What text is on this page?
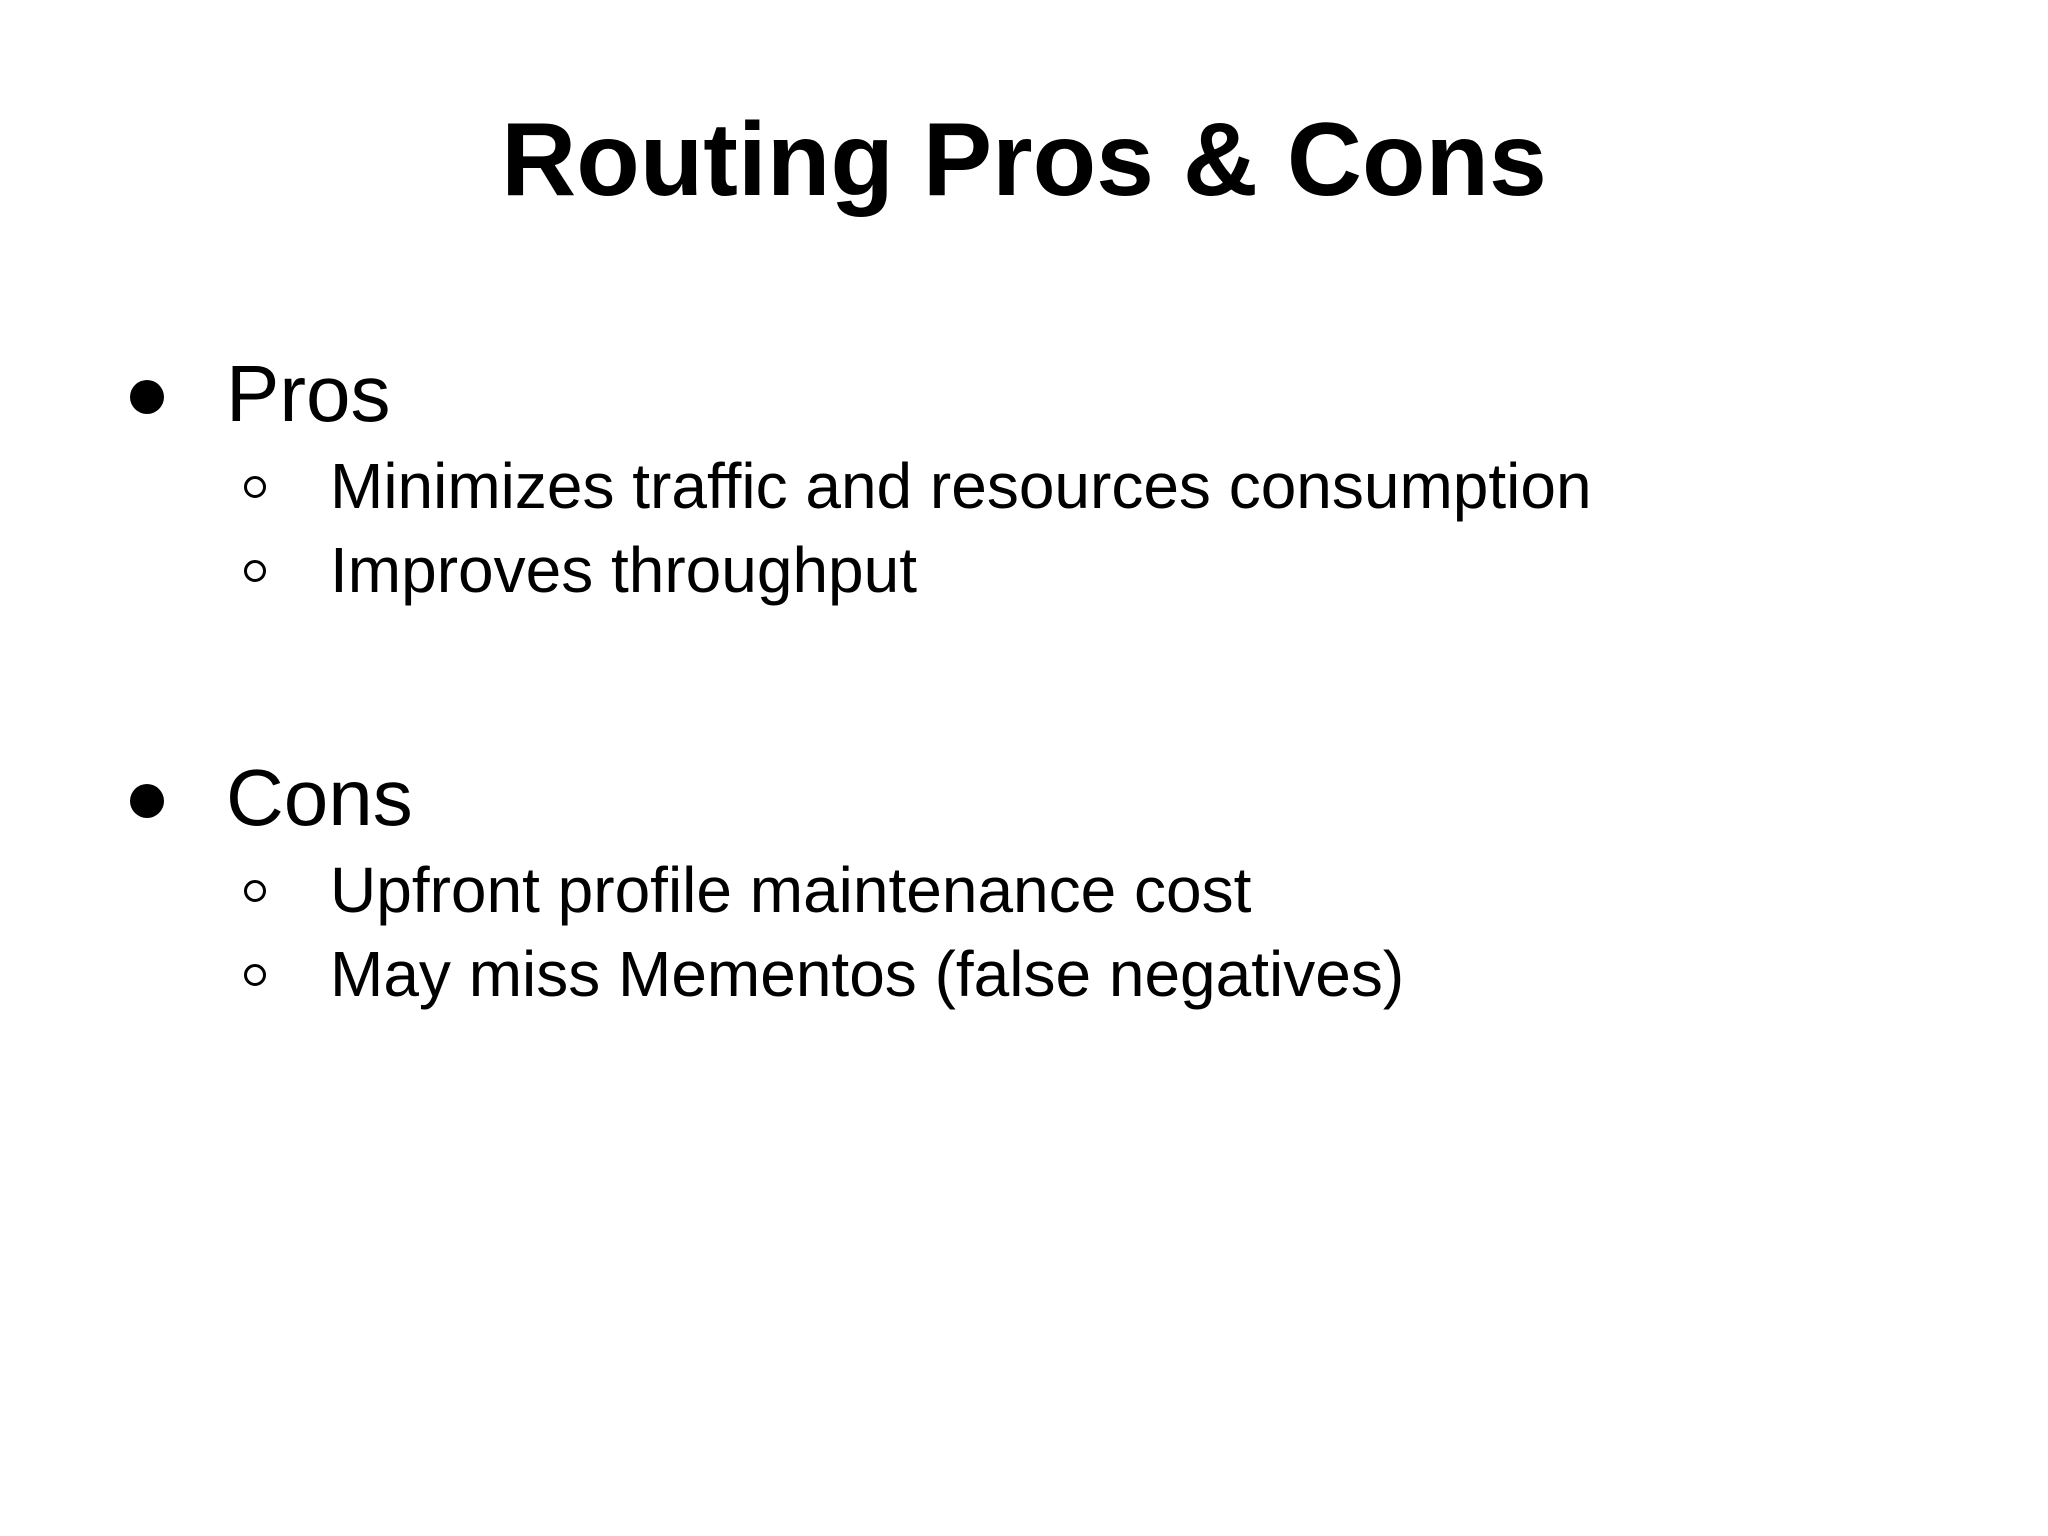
Routing Pros & Cons
Pros
Minimizes traffic and resources consumption
Improves throughput
Cons
Upfront profile maintenance cost
May miss Mementos (false negatives)
